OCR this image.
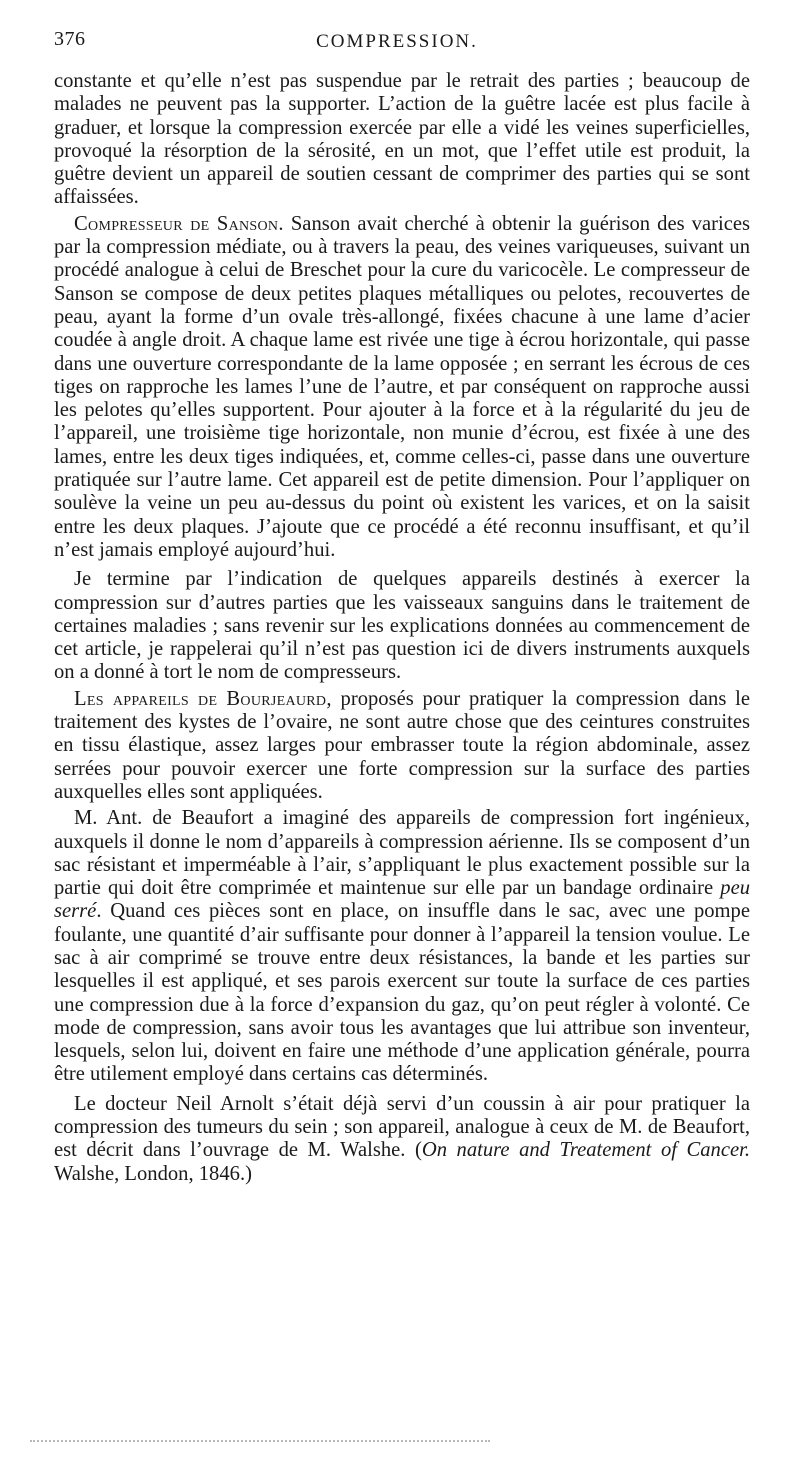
376	COMPRESSION.

constante et qu’elle n’est pas suspendue par le retrait des parties ; beaucoup de malades ne peuvent pas la supporter. L’action de la guêtre lacée est plus facile à graduer, et lorsque la compression exercée par elle a vidé les veines superficielles, provoqué la résorption de la sérosité, en un mot, que l’effet utile est produit, la guêtre devient un appareil de soutien cessant de comprimer des parties qui se sont affaissées.

Compresseur de Sanson. Sanson avait cherché à obtenir la guérison des varices par la compression médiate, ou à travers la peau, des veines variqueuses, suivant un procédé analogue à celui de Breschet pour la cure du varicocèle. Le compresseur de Sanson se compose de deux petites plaques métalliques ou pelotes, recouvertes de peau, ayant la forme d’un ovale très-allongé, fixées chacune à une lame d’acier coudée à angle droit. A chaque lame est rivée une tige à écrou horizontale, qui passe dans une ouverture correspondante de la lame opposée ; en serrant les écrous de ces tiges on rapproche les lames l’une de l’autre, et par conséquent on rapproche aussi les pelotes qu’elles supportent. Pour ajouter à la force et à la régularité du jeu de l’appareil, une troisième tige horizontale, non munie d’écrou, est fixée à une des lames, entre les deux tiges indiquées, et, comme celles-ci, passe dans une ouverture pratiquée sur l’autre lame. Cet appareil est de petite dimension. Pour l’appliquer on soulève la veine un peu au-dessus du point où existent les varices, et on la saisit entre les deux plaques. J’ajoute que ce procédé a été reconnu insuffisant, et qu’il n’est jamais employé aujourd’hui.

Je termine par l’indication de quelques appareils destinés à exercer la compression sur d’autres parties que les vaisseaux sanguins dans le traitement de certaines maladies ; sans revenir sur les explications données au commencement de cet article, je rappelerai qu’il n’est pas question ici de divers instruments auxquels on a donné à tort le nom de compresseurs.

Les appareils de Bourjeaurd, proposés pour pratiquer la compression dans le traitement des kystes de l’ovaire, ne sont autre chose que des ceintures construites en tissu élastique, assez larges pour embrasser toute la région abdominale, assez serrées pour pouvoir exercer une forte compression sur la surface des parties auxquelles elles sont appliquées.

M. Ant. de Beaufort a imaginé des appareils de compression fort ingénieux, auxquels il donne le nom d’appareils à compression aérienne. Ils se composent d’un sac résistant et imperméable à l’air, s’appliquant le plus exactement possible sur la partie qui doit être comprimée et maintenue sur elle par un bandage ordinaire peu serré. Quand ces pièces sont en place, on insuffle dans le sac, avec une pompe foulante, une quantité d’air suffisante pour donner à l’appareil la tension voulue. Le sac à air comprimé se trouve entre deux résistances, la bande et les parties sur lesquelles il est appliqué, et ses parois exercent sur toute la surface de ces parties une compression due à la force d’expansion du gaz, qu’on peut régler à volonté. Ce mode de compression, sans avoir tous les avantages que lui attribue son inventeur, lesquels, selon lui, doivent en faire une méthode d’une application générale, pourra être utilement employé dans certains cas déterminés.

Le docteur Neil Arnolt s’était déjà servi d’un coussin à air pour pratiquer la compression des tumeurs du sein ; son appareil, analogue à ceux de M. de Beaufort, est décrit dans l’ouvrage de M. Walshe. (On nature and Treatement of Cancer. Walshe, London, 1846.)
